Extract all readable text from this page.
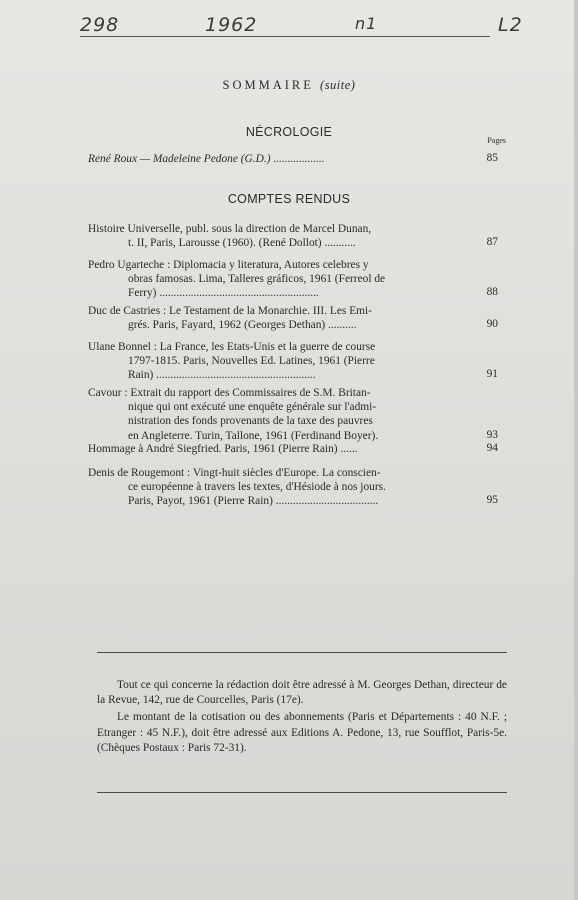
298	1962	n1	L2
SOMMAIRE (suite)
NÉCROLOGIE
Pages
René Roux — Madeleine Pedone (G.D.) ..................	85
COMPTES RENDUS
Histoire Universelle, publ. sous la direction de Marcel Dunan,
t. II, Paris, Larousse (1960). (René Dollot) ...........	87
Pedro Ugarteche : Diplomacia y literatura, Autores celebres y
obras famosas. Lima, Talleres gráficos, 1961 (Ferreol de
Ferry) ........................................................	88
Duc de Castries : Le Testament de la Monarchie. III. Les Emi-
grés. Paris, Fayard, 1962 (Georges Dethan) ..........	90
Ulane Bonnel : La France, les Etats-Unis et la guerre de course
1797-1815. Paris, Nouvelles Ed. Latines, 1961 (Pierre
Rain) ........................................................	91
Cavour : Extrait du rapport des Commissaires de S.M. Britan-
nique qui ont exécuté une enquête générale sur l'admi-
nistration des fonds provenants de la taxe des pauvres
en Angleterre. Turin, Tallone, 1961 (Ferdinand Boyer).	93
Hommage à André Siegfried. Paris, 1961 (Pierre Rain) ......	94
Denis de Rougemont : Vingt-huit siècles d'Europe. La conscien-
ce européenne à travers les textes, d'Hésiode à nos jours.
Paris, Payot, 1961 (Pierre Rain) ....................................	95

Tout ce qui concerne la rédaction doit être adressé à M. Georges Dethan, directeur de la Revue, 142, rue de Courcelles, Paris (17e).

Le montant de la cotisation ou des abonnements (Paris et Départements : 40 N.F. ; Etranger : 45 N.F.), doit être adressé aux Editions A. Pedone, 13, rue Soufflot, Paris-5e. (Chèques Postaux : Paris 72-31).
